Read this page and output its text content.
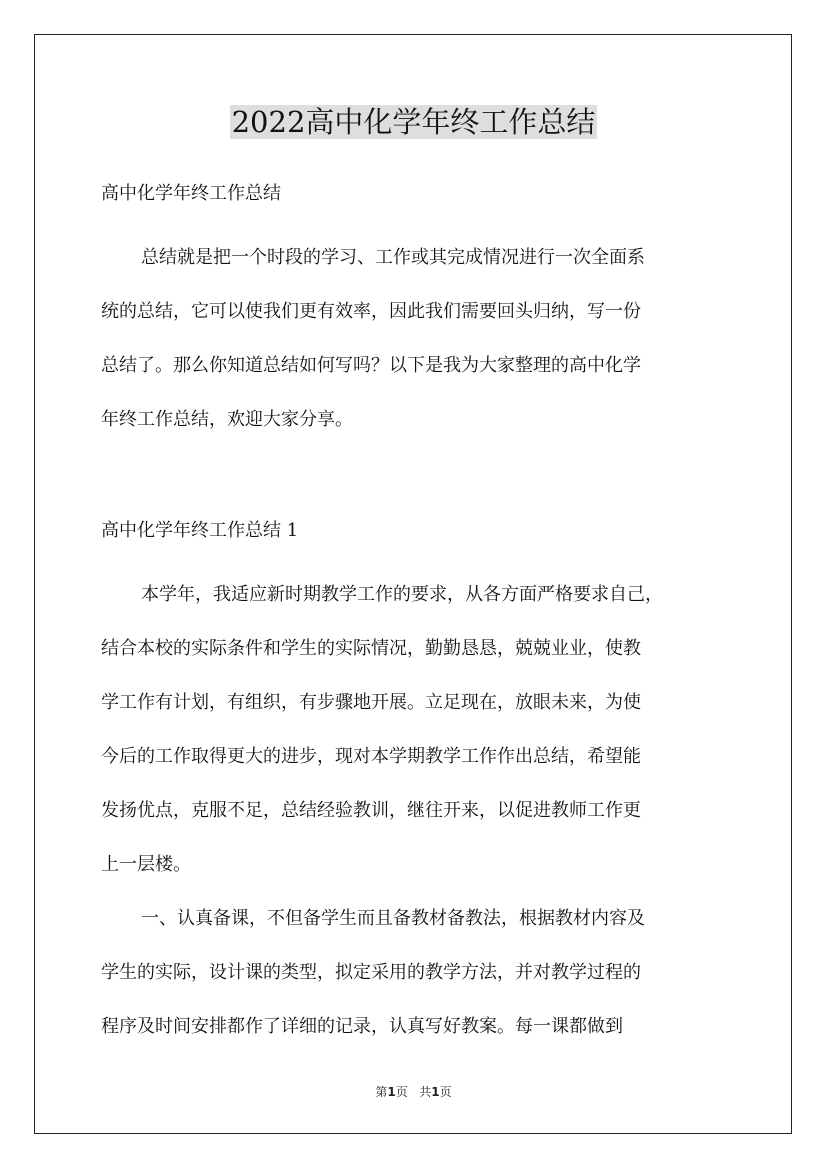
2022高中化学年终工作总结

高中化学年终工作总结

总结就是把一个时段的学习、工作或其完成情况进行一次全面系
统的总结，它可以使我们更有效率，因此我们需要回头归纳，写一份
总结了。那么你知道总结如何写吗？以下是我为大家整理的高中化学
年终工作总结，欢迎大家分享。

高中化学年终工作总结 1

本学年，我适应新时期教学工作的要求，从各方面严格要求自己，
结合本校的实际条件和学生的实际情况，勤勤恳恳，兢兢业业，使教
学工作有计划，有组织，有步骤地开展。立足现在，放眼未来，为使
今后的工作取得更大的进步，现对本学期教学工作作出总结，希望能
发扬优点，克服不足，总结经验教训，继往开来，以促进教师工作更
上一层楼。

一、认真备课，不但备学生而且备教材备教法，根据教材内容及
学生的实际，设计课的类型，拟定采用的教学方法，并对教学过程的
程序及时间安排都作了详细的记录，认真写好教案。每一课都做到

第1页   共1页
